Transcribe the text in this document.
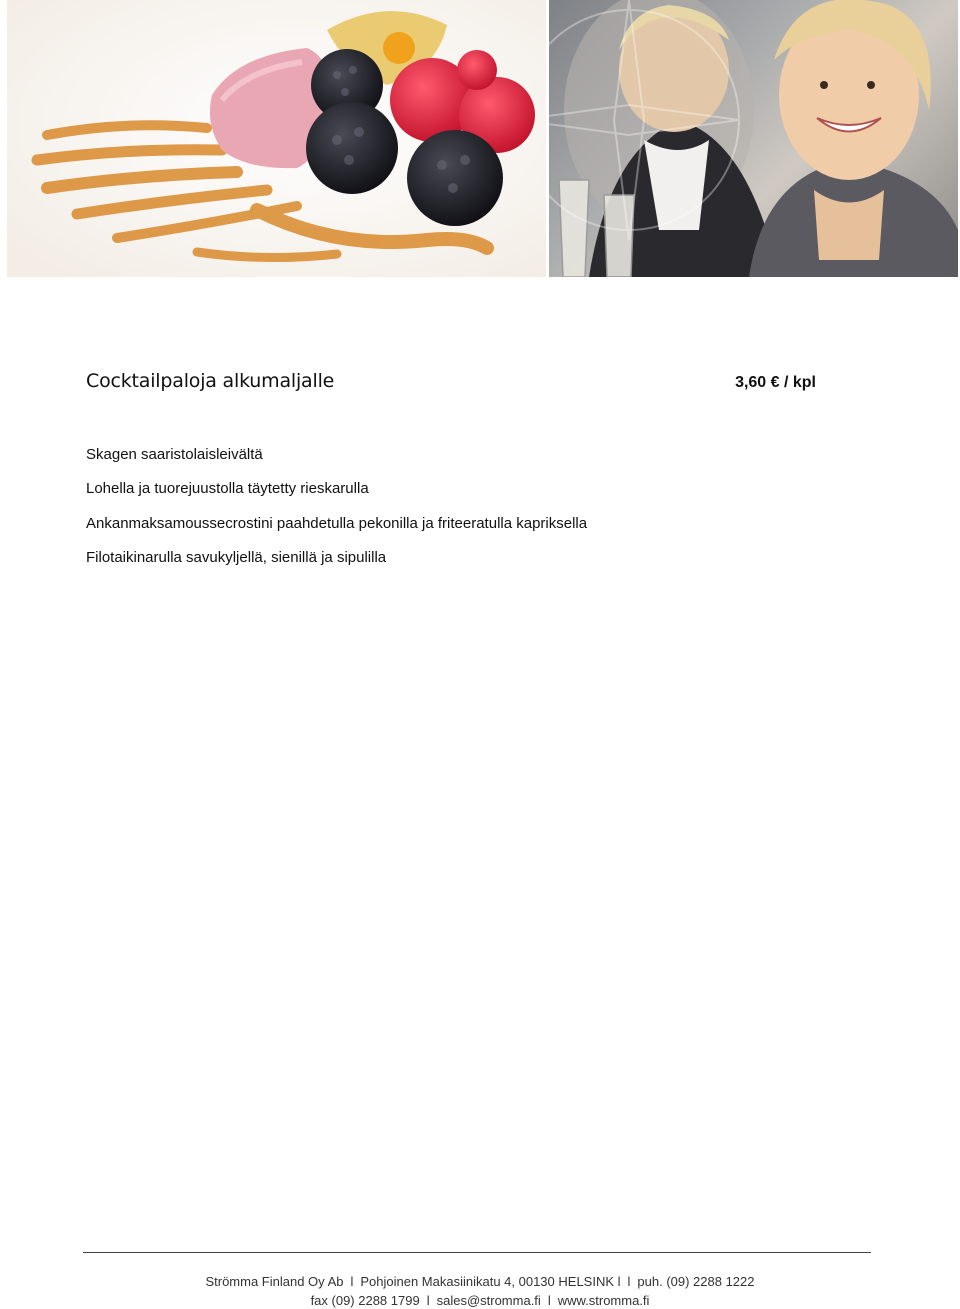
Cocktailpaloja alkumaljalle	3,60 € / kpl
Skagen saaristolaisleivältä
Lohella ja tuorejuustolla täytetty rieskarulla
Ankanmaksamoussecrostini paahdetulla pekonilla ja friteeratulla kapriksella
Filotaikinarulla savukyljellä, sienillä ja sipulilla
Strömma Finland Oy Ab l Pohjoinen Makasiinikatu 4, 00130 HELSINK l l puh. (09) 2288 1222
fax (09) 2288 1799 l sales@stromma.fi l www.stromma.fi
